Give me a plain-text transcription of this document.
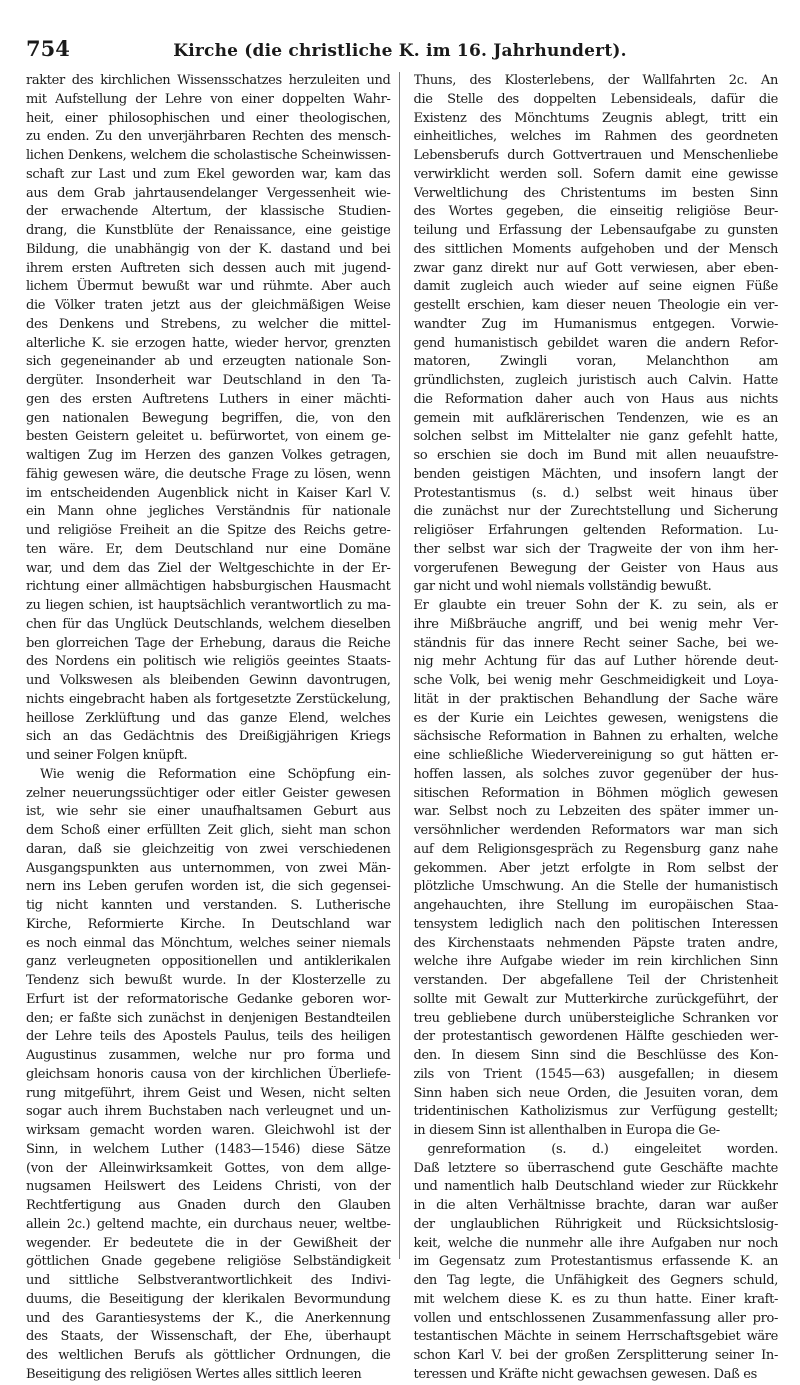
754	Kirche (die christliche K. im 16. Jahrhundert).
rakter des kirchlichen Wissensschatzes herzuleiten und
mit Aufstellung der Lehre von einer doppelten Wahr-
heit, einer philosophischen und einer theologischen,
zu enden. Zu den unverjährbaren Rechten des mensch-
lichen Denkens, welchem die scholastische Scheinwissen-
schaft zur Last und zum Ekel geworden war, kam das
aus dem Grab jahrtausendelanger Vergessenheit wie-
der erwachende Altertum, der klassische Studien-
drang, die Kunstblüte der Renaissance, eine geistige
Bildung, die unabhängig von der K. dastand und bei
ihrem ersten Auftreten sich dessen auch mit jugend-
lichem Übermut bewußt war und rühmte. Aber auch
die Völker traten jetzt aus der gleichmäßigen Weise
des Denkens und Strebens, zu welcher die mittel-
alterliche K. sie erzogen hatte, wieder hervor, grenzten
sich gegeneinander ab und erzeugten nationale Son-
dergüter. Insonderheit war Deutschland in den Ta-
gen des ersten Auftretens Luthers in einer mächti-
gen nationalen Bewegung begriffen, die, von den
besten Geistern geleitet u. befürwortet, von einem ge-
waltigen Zug im Herzen des ganzen Volkes getragen,
fähig gewesen wäre, die deutsche Frage zu lösen, wenn
im entscheidenden Augenblick nicht in Kaiser Karl V.
ein Mann ohne jegliches Verständnis für nationale
und religiöse Freiheit an die Spitze des Reichs getre-
ten wäre. Er, dem Deutschland nur eine Domäne
war, und dem das Ziel der Weltgeschichte in der Er-
richtung einer allmächtigen habsburgischen Hausmacht
zu liegen schien, ist hauptsächlich verantwortlich zu ma-
chen für das Unglück Deutschlands, welchem dieselben
ben glorreichen Tage der Erhebung, daraus die Reiche
des Nordens ein politisch wie religiös geeintes Staats-
und Volkswesen als bleibenden Gewinn davontrugen,
nichts eingebracht haben als fortgesetzte Zerstückelung,
heillose Zerklüftung und das ganze Elend, welches
sich an das Gedächtnis des Dreißigjährigen Kriegs
und seiner Folgen knüpft.
Wie wenig die Reformation eine Schöpfung ein-
zelner neuerungssüchtiger oder eitler Geister gewesen
ist, wie sehr sie einer unaufhaltsamen Geburt aus
dem Schoß einer erfüllten Zeit glich, sieht man schon
daran, daß sie gleichzeitig von zwei verschiedenen
Ausgangspunkten aus unternommen, von zwei Män-
nern ins Leben gerufen worden ist, die sich gegensei-
tig nicht kannten und verstanden. S. Lutherische
Kirche, Reformierte Kirche. In Deutschland war
es noch einmal das Mönchtum, welches seiner niemals
ganz verleugneten oppositionellen und antiklerikalen
Tendenz sich bewußt wurde. In der Klosterzelle zu
Erfurt ist der reformatorische Gedanke geboren wor-
den; er faßte sich zunächst in denjenigen Bestandteilen
der Lehre teils des Apostels Paulus, teils des heiligen
Augustinus zusammen, welche nur pro forma und
gleichsam honoris causa von der kirchlichen Überliefe-
rung mitgeführt, ihrem Geist und Wesen, nicht selten
sogar auch ihrem Buchstaben nach verleugnet und un-
wirksam gemacht worden waren. Gleichwohl ist der
Sinn, in welchem Luther (1483—1546) diese Sätze
(von der Alleinwirksamkeit Gottes, von dem allge-
nugsamen Heilswert des Leidens Christi, von der
Rechtfertigung aus Gnaden durch den Glauben
allein 2c.) geltend machte, ein durchaus neuer, weltbe-
wegender. Er bedeutete die in der Gewißheit der
göttlichen Gnade gegebene religiöse Selbständigkeit
und sittliche Selbstverantwortlichkeit des Indivi-
duums, die Beseitigung der klerikalen Bevormundung
und des Garantiesystems der K., die Anerkennung
des Staats, der Wissenschaft, der Ehe, überhaupt
des weltlichen Berufs als göttlicher Ordnungen, die
Beseitigung des religiösen Wertes alles sittlich leeren
Thuns, des Klosterlebens, der Wallfahrten 2c. An
die Stelle des doppelten Lebensideals, dafür die
Existenz des Mönchtums Zeugnis ablegt, tritt ein
einheitliches, welches im Rahmen des geordneten
Lebensberufs durch Gottvertrauen und Menschenliebe
verwirklicht werden soll. Sofern damit eine gewisse
Verweltlichung des Christentums im besten Sinn
des Wortes gegeben, die einseitig religiöse Beur-
teilung und Erfassung der Lebensaufgabe zu gunsten
des sittlichen Moments aufgehoben und der Mensch
zwar ganz direkt nur auf Gott verwiesen, aber eben-
damit zugleich auch wieder auf seine eignen Füße
gestellt erschien, kam dieser neuen Theologie ein ver-
wandter Zug im Humanismus entgegen. Vorwie-
gend humanistisch gebildet waren die andern Refor-
matoren, Zwingli voran, Melanchthon am
gründlichsten, zugleich juristisch auch Calvin. Hatte
die Reformation daher auch von Haus aus nichts
gemein mit aufklärerischen Tendenzen, wie es an
solchen selbst im Mittelalter nie ganz gefehlt hatte,
so erschien sie doch im Bund mit allen neuaufstre-
benden geistigen Mächten, und insofern langt der
Protestantismus (s. d.) selbst weit hinaus über
die zunächst nur der Zurechtstellung und Sicherung
religiöser Erfahrungen geltenden Reformation. Lu-
ther selbst war sich der Tragweite der von ihm her-
vorgerufenen Bewegung der Geister von Haus aus
gar nicht und wohl niemals vollständig bewußt.
Er glaubte ein treuer Sohn der K. zu sein, als er
ihre Mißbräuche angriff, und bei wenig mehr Ver-
ständnis für das innere Recht seiner Sache, bei we-
nig mehr Achtung für das auf Luther hörende deut-
sche Volk, bei wenig mehr Geschmeidigkeit und Loya-
lität in der praktischen Behandlung der Sache wäre
es der Kurie ein Leichtes gewesen, wenigstens die
sächsische Reformation in Bahnen zu erhalten, welche
eine schließliche Wiedervereinigung so gut hätten er-
hoffen lassen, als solches zuvor gegenüber der hus-
sitischen Reformation in Böhmen möglich gewesen
war. Selbst noch zu Lebzeiten des später immer un-
versöhnlicher werdenden Reformators war man sich
auf dem Religionsgespräch zu Regensburg ganz nahe
gekommen. Aber jetzt erfolgte in Rom selbst der
plötzliche Umschwung. An die Stelle der humanistisch
angehauchten, ihre Stellung im europäischen Staa-
tensystem lediglich nach den politischen Interessen
des Kirchenstaats nehmenden Päpste traten andre,
welche ihre Aufgabe wieder im rein kirchlichen Sinn
verstanden. Der abgefallene Teil der Christenheit
sollte mit Gewalt zur Mutterkirche zurückgeführt, der
treu gebliebene durch unübersteigliche Schranken vor
der protestantisch gewordenen Hälfte geschieden wer-
den. In diesem Sinn sind die Beschlüsse des Kon-
zils von Trient (1545—63) ausgefallen; in diesem
Sinn haben sich neue Orden, die Jesuiten voran, dem
tridentinischen Katholizismus zur Verfügung gestellt;
in diesem Sinn ist allenthalben in Europa die Ge-
genreformation (s. d.) eingeleitet worden.
Daß letztere so überraschend gute Geschäfte machte
und namentlich halb Deutschland wieder zur Rückkehr
in die alten Verhältnisse brachte, daran war außer
der unglaublichen Rührigkeit und Rücksichtslosig-
keit, welche die nunmehr alle ihre Aufgaben nur noch
im Gegensatz zum Protestantismus erfassende K. an
den Tag legte, die Unfähigkeit des Gegners schuld,
mit welchem diese K. es zu thun hatte. Einer kraft-
vollen und entschlossenen Zusammenfassung aller pro-
testantischen Mächte in seinem Herrschaftsgebiet wäre
schon Karl V. bei der großen Zersplitterung seiner In-
teressen und Kräfte nicht gewachsen gewesen. Daß es
